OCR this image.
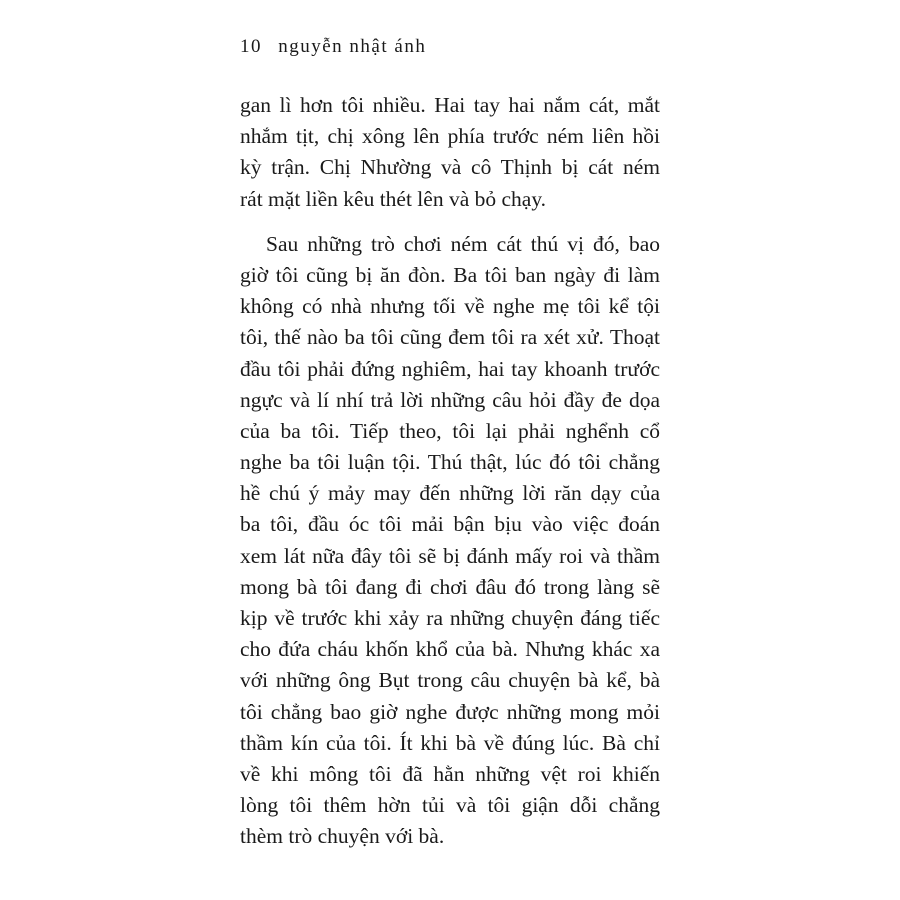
10 nguyễn nhật ánh
gan lì hơn tôi nhiều. Hai tay hai nắm cát, mắt
nhắm tịt, chị xông lên phía trước ném liên hồi
kỳ trận. Chị Nhường và cô Thịnh bị cát ném
rát mặt liền kêu thét lên và bỏ chạy.
Sau những trò chơi ném cát thú vị đó, bao
giờ tôi cũng bị ăn đòn. Ba tôi ban ngày đi làm
không có nhà nhưng tối về nghe mẹ tôi kể tội
tôi, thế nào ba tôi cũng đem tôi ra xét xử. Thoạt
đầu tôi phải đứng nghiêm, hai tay khoanh trước
ngực và lí nhí trả lời những câu hỏi đầy đe dọa
của ba tôi. Tiếp theo, tôi lại phải nghểnh cổ
nghe ba tôi luận tội. Thú thật, lúc đó tôi chẳng
hề chú ý mảy may đến những lời răn dạy của
ba tôi, đầu óc tôi mải bận bịu vào việc đoán
xem lát nữa đây tôi sẽ bị đánh mấy roi và thầm
mong bà tôi đang đi chơi đâu đó trong làng sẽ
kịp về trước khi xảy ra những chuyện đáng tiếc
cho đứa cháu khốn khổ của bà. Nhưng khác xa
với những ông Bụt trong câu chuyện bà kể, bà
tôi chẳng bao giờ nghe được những mong mỏi
thầm kín của tôi. Ít khi bà về đúng lúc. Bà chỉ
về khi mông tôi đã hằn những vệt roi khiến
lòng tôi thêm hờn tủi và tôi giận dỗi chẳng
thèm trò chuyện với bà.
